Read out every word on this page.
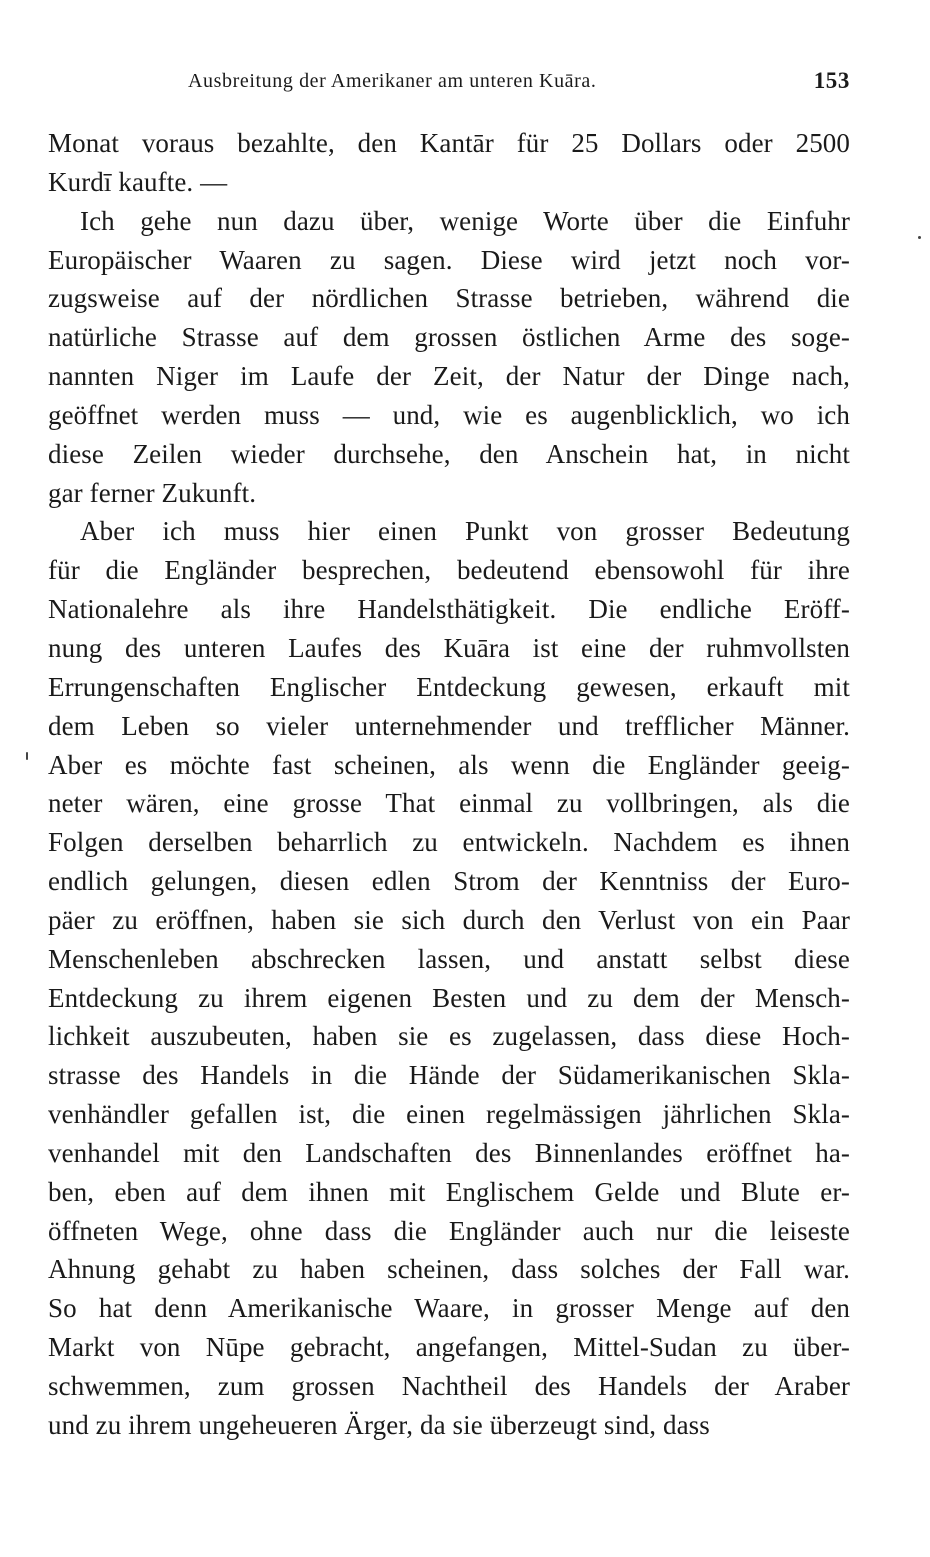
Ausbreitung der Amerikaner am unteren Kuāra.	153
Monat voraus bezahlte, den Kantār für 25 Dollars oder 2500
Kurdī kaufte. —
Ich gehe nun dazu über, wenige Worte über die Einfuhr
Europäischer Waaren zu sagen. Diese wird jetzt noch vor-
zugsweise auf der nördlichen Strasse betrieben, während die
natürliche Strasse auf dem grossen östlichen Arme des soge-
nannten Niger im Laufe der Zeit, der Natur der Dinge nach,
geöffnet werden muss — und, wie es augenblicklich, wo ich
diese Zeilen wieder durchsehe, den Anschein hat, in nicht
gar ferner Zukunft.
Aber ich muss hier einen Punkt von grosser Bedeutung
für die Engländer besprechen, bedeutend ebensowohl für ihre
Nationalehre als ihre Handelsthätigkeit. Die endliche Eröff-
nung des unteren Laufes des Kuāra ist eine der ruhmvollsten
Errungenschaften Englischer Entdeckung gewesen, erkauft mit
dem Leben so vieler unternehmender und trefflicher Männer.
Aber es möchte fast scheinen, als wenn die Engländer geeig-
neter wären, eine grosse That einmal zu vollbringen, als die
Folgen derselben beharrlich zu entwickeln. Nachdem es ihnen
endlich gelungen, diesen edlen Strom der Kenntniss der Euro-
päer zu eröffnen, haben sie sich durch den Verlust von ein Paar
Menschenleben abschrecken lassen, und anstatt selbst diese
Entdeckung zu ihrem eigenen Besten und zu dem der Mensch-
lichkeit auszubeuten, haben sie es zugelassen, dass diese Hoch-
strasse des Handels in die Hände der Südamerikanischen Skla-
venhändler gefallen ist, die einen regelmässigen jährlichen Skla-
venhandel mit den Landschaften des Binnenlandes eröffnet ha-
ben, eben auf dem ihnen mit Englischem Gelde und Blute er-
öffneten Wege, ohne dass die Engländer auch nur die leiseste
Ahnung gehabt zu haben scheinen, dass solches der Fall war.
So hat denn Amerikanische Waare, in grosser Menge auf den
Markt von Nūpe gebracht, angefangen, Mittel-Sudan zu über-
schwemmen, zum grossen Nachtheil des Handels der Araber
und zu ihrem ungeheueren Ärger, da sie überzeugt sind, dass
